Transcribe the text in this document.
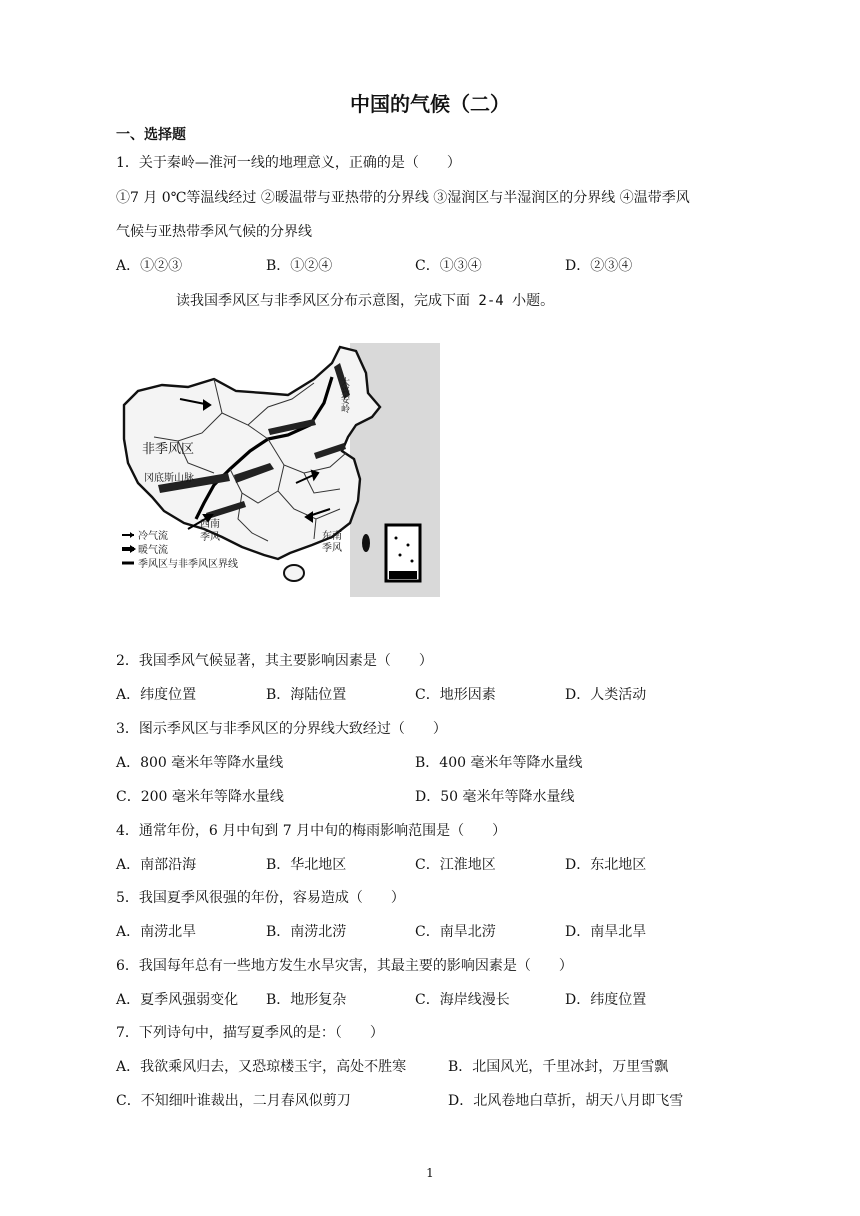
中国的气候（二）
一、选择题
1．关于秦岭—淮河一线的地理意义，正确的是（　　）
①7 月 0℃等温线经过 ②暖温带与亚热带的分界线 ③湿润区与半湿润区的分界线 ④温带季风
气候与亚热带季风气候的分界线
A．①②③	B．①②④	C．①③④	D．②③④
读我国季风区与非季风区分布示意图，完成下面 2-4 小题。
非季风区
冈底斯山脉
西南
季风	东南
季风
大兴安岭
冷气流
暖气流
季风区与非季风区界线
2．我国季风气候显著，其主要影响因素是（　　）
A．纬度位置	B．海陆位置	C．地形因素	D．人类活动
3．图示季风区与非季风区的分界线大致经过（　　）
A．800 毫米年等降水量线	B．400 毫米年等降水量线
C．200 毫米年等降水量线	D．50 毫米年等降水量线
4．通常年份，6 月中旬到 7 月中旬的梅雨影响范围是（　　）
A．南部沿海	B．华北地区	C．江淮地区	D．东北地区
5．我国夏季风很强的年份，容易造成（　　）
A．南涝北旱	B．南涝北涝	C．南旱北涝	D．南旱北旱
6．我国每年总有一些地方发生水旱灾害，其最主要的影响因素是（　　）
A．夏季风强弱变化 B．地形复杂	C．海岸线漫长	D．纬度位置
7．下列诗句中，描写夏季风的是：（　　）
A．我欲乘风归去，又恐琼楼玉宇，高处不胜寒	B．北国风光，千里冰封，万里雪飘
C．不知细叶谁裁出，二月春风似剪刀	D．北风卷地白草折，胡天八月即飞雪
1
